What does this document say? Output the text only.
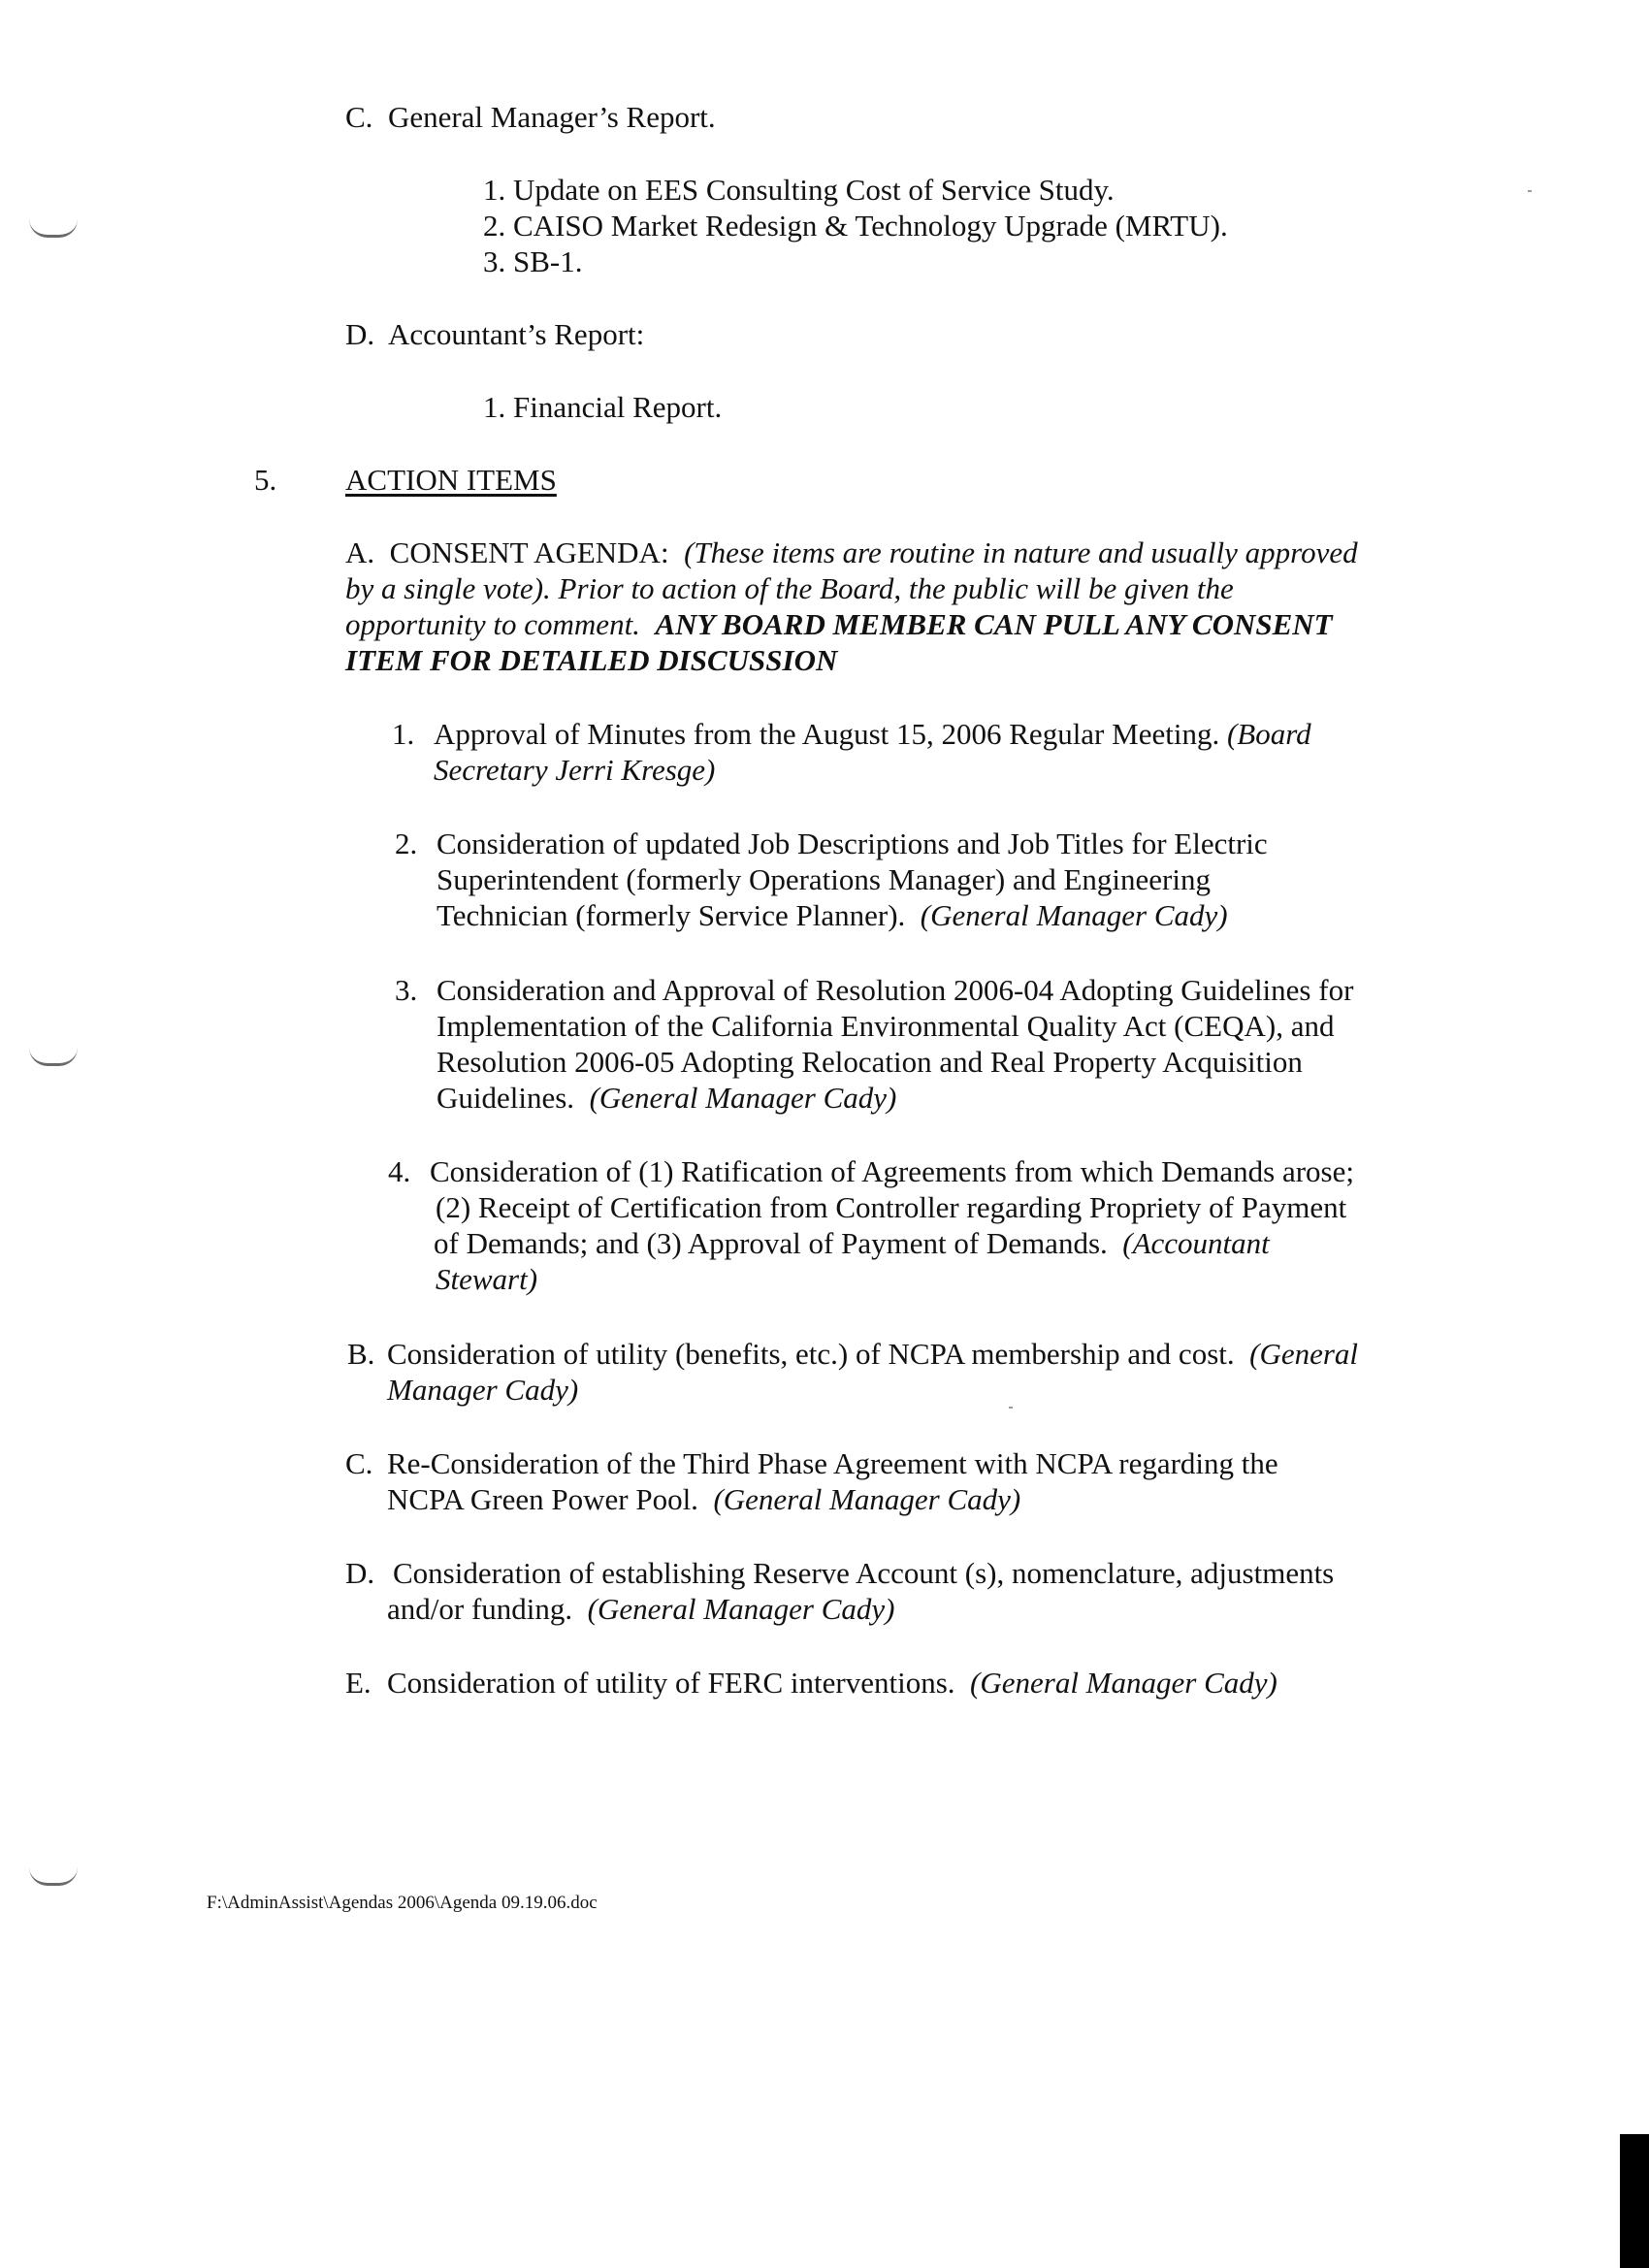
C. General Manager’s Report.
1. Update on EES Consulting Cost of Service Study.
2. CAISO Market Redesign & Technology Upgrade (MRTU).
3. SB-1.
D. Accountant’s Report:
1. Financial Report.
5. ACTION ITEMS
A. CONSENT AGENDA: (These items are routine in nature and usually approved
by a single vote). Prior to action of the Board, the public will be given the
opportunity to comment. ANY BOARD MEMBER CAN PULL ANY CONSENT
ITEM FOR DETAILED DISCUSSION
1. Approval of Minutes from the August 15, 2006 Regular Meeting. (Board
Secretary Jerri Kresge)
2. Consideration of updated Job Descriptions and Job Titles for Electric
Superintendent (formerly Operations Manager) and Engineering
Technician (formerly Service Planner). (General Manager Cady)
3. Consideration and Approval of Resolution 2006-04 Adopting Guidelines for
Implementation of the California Environmental Quality Act (CEQA), and
Resolution 2006-05 Adopting Relocation and Real Property Acquisition
Guidelines. (General Manager Cady)
4. Consideration of (1) Ratification of Agreements from which Demands arose;
(2) Receipt of Certification from Controller regarding Propriety of Payment
of Demands; and (3) Approval of Payment of Demands. (Accountant
Stewart)
B. Consideration of utility (benefits, etc.) of NCPA membership and cost. (General
Manager Cady)
C. Re-Consideration of the Third Phase Agreement with NCPA regarding the
NCPA Green Power Pool. (General Manager Cady)
D. Consideration of establishing Reserve Account (s), nomenclature, adjustments
and/or funding. (General Manager Cady)
E. Consideration of utility of FERC interventions. (General Manager Cady)
F:\AdminAssist\Agendas 2006\Agenda 09.19.06.doc
